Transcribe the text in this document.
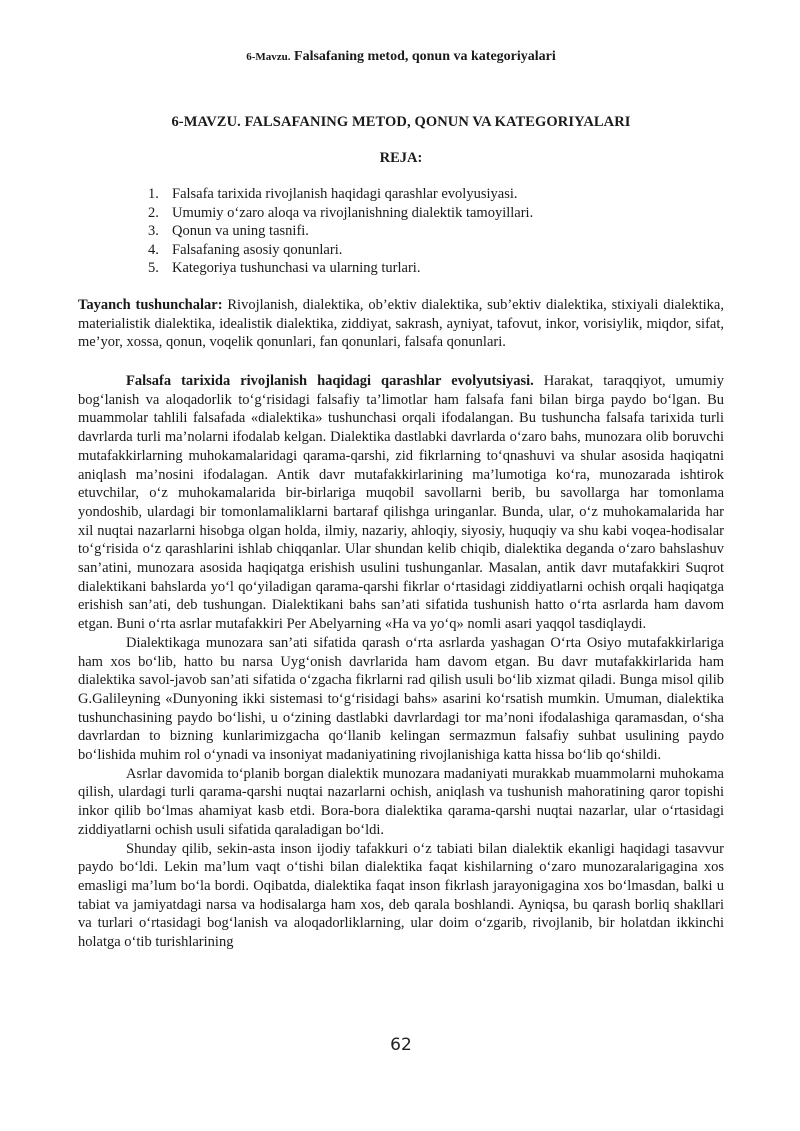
6-Mavzu. Falsafaning metod, qonun va kategoriyalari
6-MAVZU. FALSAFANING METOD, QONUN VA KATEGORIYALARI
REJA:
1. Falsafa tarixida rivojlanish haqidagi qarashlar evolyusiyasi.
2. Umumiy o‘zaro aloqa va rivojlanishning dialektik tamoyillari.
3. Qonun va uning tasnifi.
4. Falsafaning asosiy qonunlari.
5. Kategoriya tushunchasi va ularning turlari.

Tayanch tushunchalar: Rivojlanish, dialektika, ob’ektiv dialektika, sub’ektiv dialektika, stixiyali dialektika, materialistik dialektika, idealistik dialektika, ziddiyat, sakrash, ayniyat, tafovut, inkor, vorisiylik, miqdor, sifat, me’yor, xossa, qonun, voqelik qonunlari, fan qonunlari, falsafa qonunlari.

Falsafa tarixida rivojlanish haqidagi qarashlar evolyutsiyasi. Harakat, taraqqiyot, umumiy bog‘lanish va aloqadorlik to‘g‘risidagi falsafiy ta’limotlar ham falsafa fani bilan birga paydo bo‘lgan. Bu muammolar tahlili falsafada «dialektika» tushunchasi orqali ifodalangan. Bu tushuncha falsafa tarixida turli davrlarda turli ma’nolarni ifodalab kelgan. Dialektika dastlabki davrlarda o‘zaro bahs, munozara olib boruvchi mutafakkirlarning muhokamalaridagi qarama-qarshi, zid fikrlarning to‘qnashuvi va shular asosida haqiqatni aniqlash ma’nosini ifodalagan. Antik davr mutafakkirlarining ma’lumotiga ko‘ra, munozarada ishtirok etuvchilar, o‘z muhokamalarida bir-birlariga muqobil savollarni berib, bu savollarga har tomonlama yondoshib, ulardagi bir tomonlamaliklarni bartaraf qilishga uringanlar. Bunda, ular, o‘z muhokamalarida har xil nuqtai nazarlarni hisobga olgan holda, ilmiy, nazariy, ahloqiy, siyosiy, huquqiy va shu kabi voqea-hodisalar to‘g‘risida o‘z qarashlarini ishlab chiqqanlar. Ular shundan kelib chiqib, dialektika deganda o‘zaro bahslashuv san’atini, munozara asosida haqiqatga erishish usulini tushunganlar. Masalan, antik davr mutafakkiri Suqrot dialektikani bahslarda yo‘l qo‘yiladigan qarama-qarshi fikrlar o‘rtasidagi ziddiyatlarni ochish orqali haqiqatga erishish san’ati, deb tushungan. Dialektikani bahs san’ati sifatida tushunish hatto o‘rta asrlarda ham davom etgan. Buni o‘rta asrlar mutafakkiri Per Abelyarning «Ha va yo‘q» nomli asari yaqqol tasdiqlaydi.

Dialektikaga munozara san’ati sifatida qarash o‘rta asrlarda yashagan O‘rta Osiyo mutafakkirlariga ham xos bo‘lib, hatto bu narsa Uyg‘onish davrlarida ham davom etgan. Bu davr mutafakkirlarida ham dialektika savol-javob san’ati sifatida o‘zgacha fikrlarni rad qilish usuli bo‘lib xizmat qiladi. Bunga misol qilib G.Galileyning «Dunyoning ikki sistemasi to‘g‘risidagi bahs» asarini ko‘rsatish mumkin. Umuman, dialektika tushunchasining paydo bo‘lishi, u o‘zining dastlabki davrlardagi tor ma’noni ifodalashiga qaramasdan, o‘sha davrlardan to bizning kunlarimizgacha qo‘llanib kelingan sermazmun falsafiy suhbat usulining paydo bo‘lishida muhim rol o‘ynadi va insoniyat madaniyatining rivojlanishiga katta hissa bo‘lib qo‘shildi.

Asrlar davomida to‘planib borgan dialektik munozara madaniyati murakkab muammolarni muhokama qilish, ulardagi turli qarama-qarshi nuqtai nazarlarni ochish, aniqlash va tushunish mahoratining qaror topishi inkor qilib bo‘lmas ahamiyat kasb etdi. Bora-bora dialektika qarama-qarshi nuqtai nazarlar, ular o‘rtasidagi ziddiyatlarni ochish usuli sifatida qaraladigan bo‘ldi.

Shunday qilib, sekin-asta inson ijodiy tafakkuri o‘z tabiati bilan dialektik ekanligi haqidagi tasavvur paydo bo‘ldi. Lekin ma’lum vaqt o‘tishi bilan dialektika faqat kishilarning o‘zaro munozaralarigagina xos emasligi ma’lum bo‘la bordi. Oqibatda, dialektika faqat inson fikrlash jarayonigagina xos bo‘lmasdan, balki u tabiat va jamiyatdagi narsa va hodisalarga ham xos, deb qarala boshlandi. Ayniqsa, bu qarash borliq shakllari va turlari o‘rtasidagi bog‘lanish va aloqadorliklarning, ular doim o‘zgarib, rivojlanib, bir holatdan ikkinchi holatga o‘tib turishlarining

62
